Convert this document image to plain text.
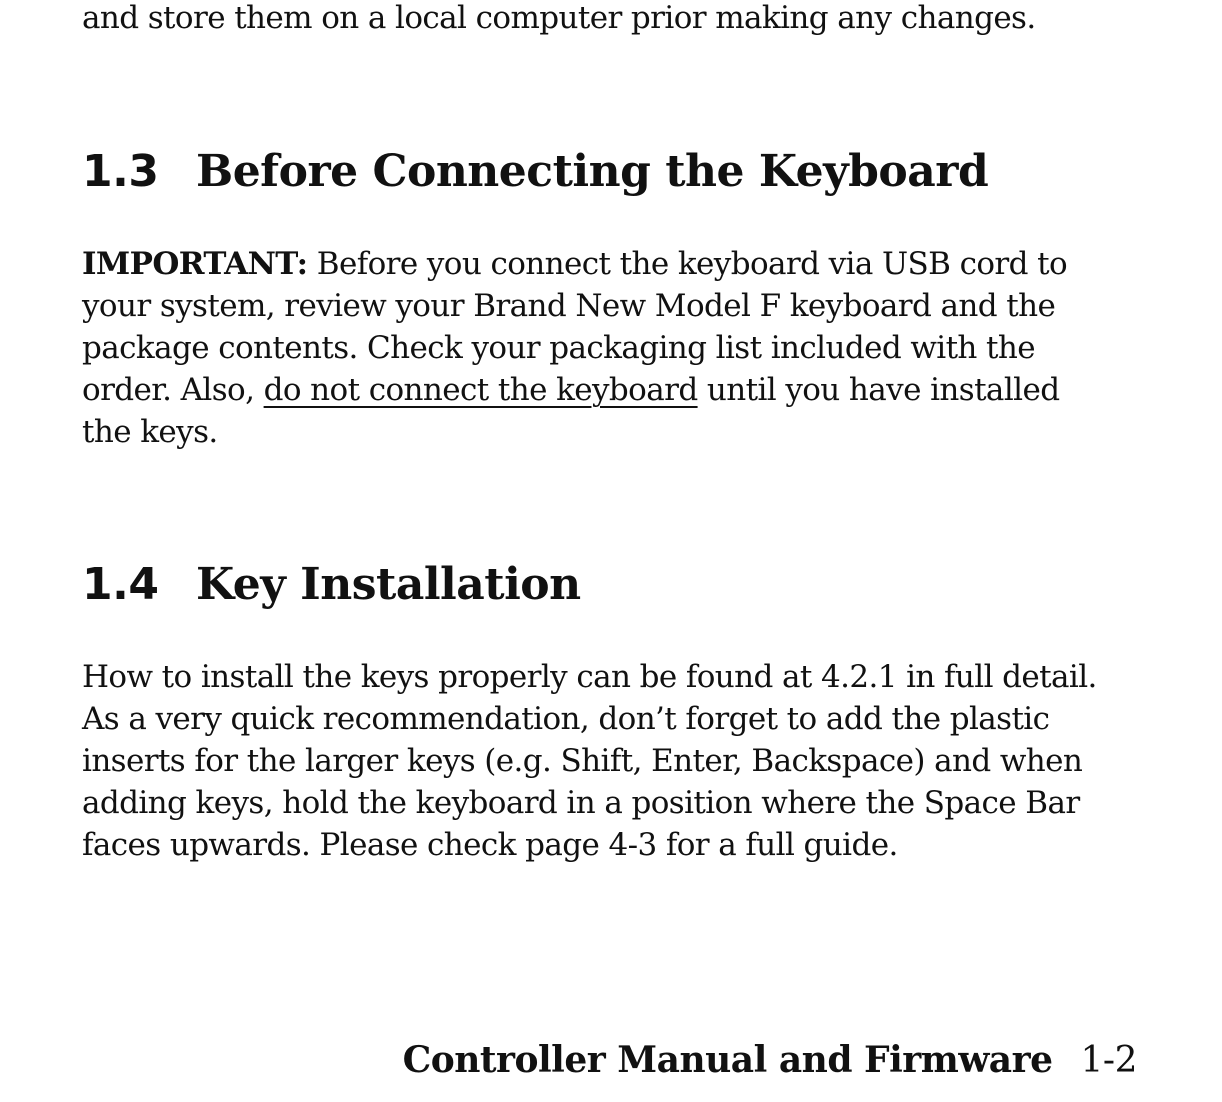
and store them on a local computer prior making any changes.
1.3 Before Connecting the Keyboard
IMPORTANT: Before you connect the keyboard via USB cord to
your system, review your Brand New Model F keyboard and the
package contents. Check your packaging list included with the
order. Also, do not connect the keyboard until you have installed
the keys.
1.4 Key Installation
How to install the keys properly can be found at 4.2.1 in full detail.
As a very quick recommendation, don’t forget to add the plastic
inserts for the larger keys (e.g. Shift, Enter, Backspace) and when
adding keys, hold the keyboard in a position where the Space Bar
faces upwards. Please check page 4-3 for a full guide.
Controller Manual and Firmware 1-2
